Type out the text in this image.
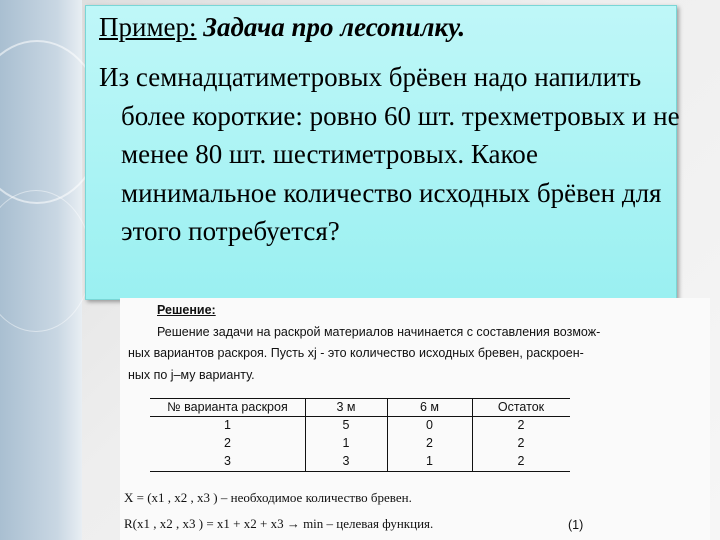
Пример: Задача про лесопилку.
Из семнадцатиметровых брёвен надо напилить более короткие: ровно 60 шт. трехметровых и не менее 80 шт. шестиметровых. Какое минимальное количество исходных брёвен для этого потребуется?
Решение:
Решение задачи на раскрой материалов начинается с составления возмож-
ных вариантов раскроя. Пусть xj - это количество исходных бревен, раскроен-
ных по j–му варианту.
№ варианта раскроя	3 м	6 м	Остаток
1	5	0	2
2	1	2	2
3	3	1	2
X = (x1 , x2 , x3 ) – необходимое количество бревен.
R(x1 , x2 , x3 ) = x1 + x2 + x3 → min – целевая функция.	(1)
